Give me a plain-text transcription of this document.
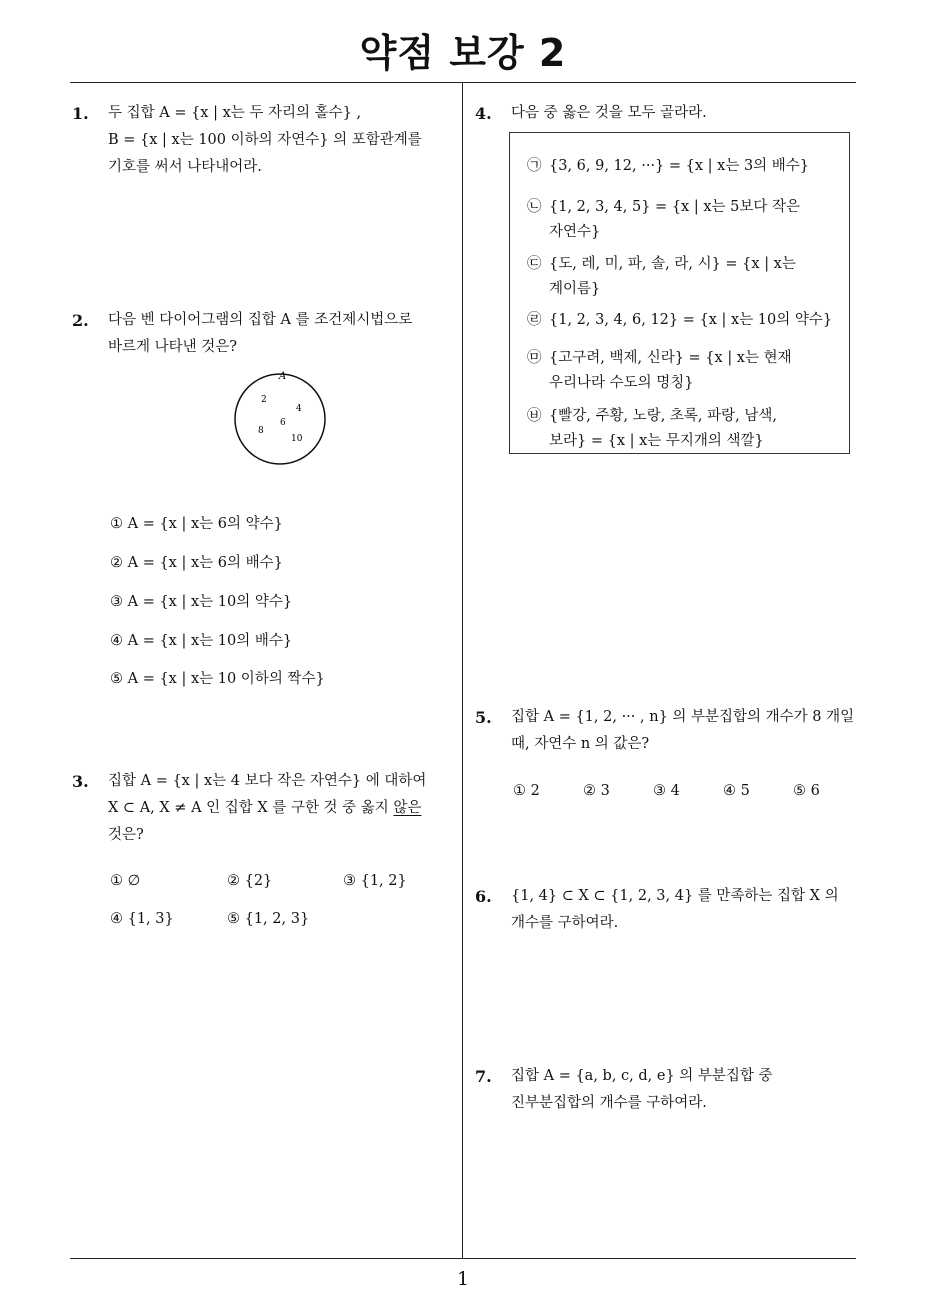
약점 보강 2
1. 두 집합 A = {x | x는 두 자리의 홀수} ,
B = {x | x는 100 이하의 자연수} 의 포함관계를
기호를 써서 나타내어라.
2. 다음 벤 다이어그램의 집합 A 를 조건제시법으로
바르게 나타낸 것은?
A
2
4
6
8
10
① A = {x | x는 6의 약수}
② A = {x | x는 6의 배수}
③ A = {x | x는 10의 약수}
④ A = {x | x는 10의 배수}
⑤ A = {x | x는 10 이하의 짝수}
3. 집합 A = {x | x는 4 보다 작은 자연수} 에 대하여
X ⊂ A, X ≠ A 인 집합 X 를 구한 것 중 옳지 않은
것은?
① ∅	② {2}	③ {1, 2}
④ {1, 3}	⑤ {1, 2, 3}
4. 다음 중 옳은 것을 모두 골라라.
㉠ {3, 6, 9, 12, ···} = {x | x는 3의 배수}
㉡ {1, 2, 3, 4, 5} = {x | x는 5보다 작은
자연수}
㉢ {도, 레, 미, 파, 솔, 라, 시} = {x | x는
계이름}
㉣ {1, 2, 3, 4, 6, 12} = {x | x는 10의 약수}
㉤ {고구려, 백제, 신라} = {x | x는 현재
우리나라 수도의 명칭}
㉥ {빨강, 주황, 노랑, 초록, 파랑, 남색,
보라} = {x | x는 무지개의 색깔}
5. 집합 A = {1, 2, ··· , n} 의 부분집합의 개수가 8 개일
때, 자연수 n 의 값은?
① 2	② 3	③ 4	④ 5	⑤ 6
6. {1, 4} ⊂ X ⊂ {1, 2, 3, 4} 를 만족하는 집합 X 의
개수를 구하여라.
7. 집합 A = {a, b, c, d, e} 의 부분집합 중
진부분집합의 개수를 구하여라.
1
